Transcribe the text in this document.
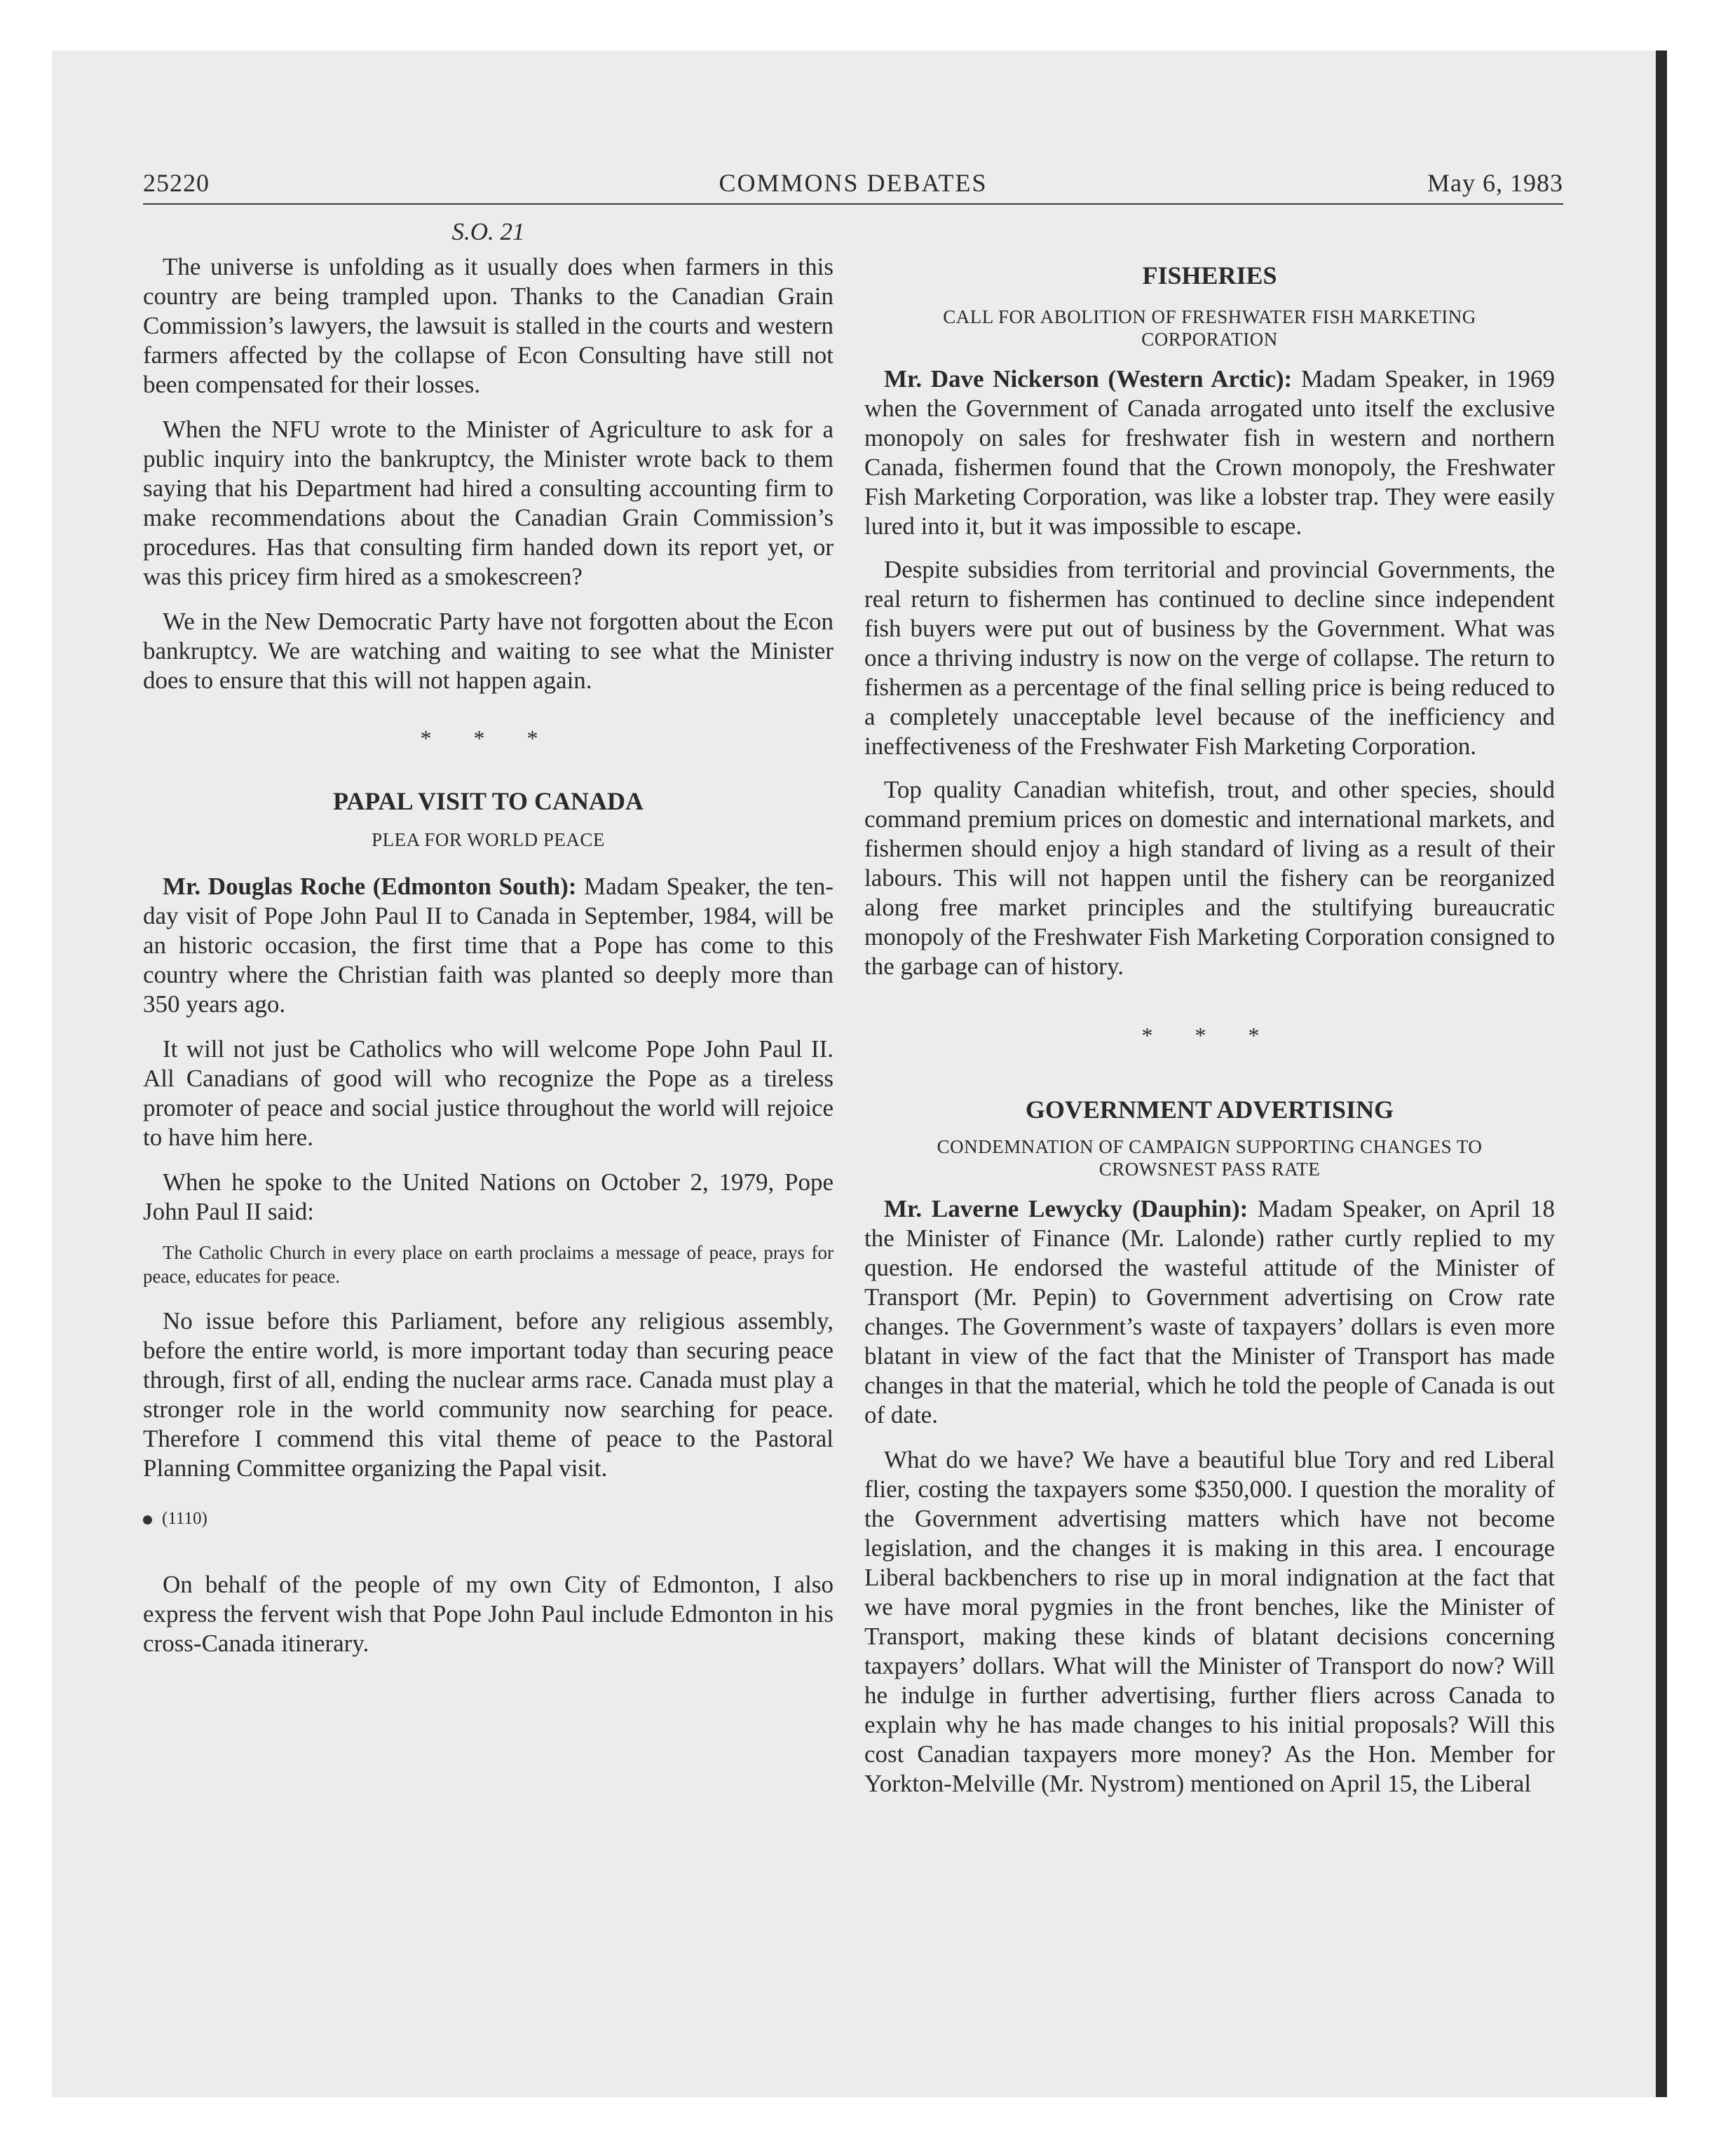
25220	COMMONS DEBATES	May 6, 1983
S.O. 21

The universe is unfolding as it usually does when farmers in this country are being trampled upon. Thanks to the Canadian Grain Commission’s lawyers, the lawsuit is stalled in the courts and western farmers affected by the collapse of Econ Consulting have still not been compensated for their losses.

When the NFU wrote to the Minister of Agriculture to ask for a public inquiry into the bankruptcy, the Minister wrote back to them saying that his Department had hired a consulting accounting firm to make recommendations about the Canadian Grain Commission’s procedures. Has that consulting firm handed down its report yet, or was this pricey firm hired as a smokescreen?

We in the New Democratic Party have not forgotten about the Econ bankruptcy. We are watching and waiting to see what the Minister does to ensure that this will not happen again.

* * *
PAPAL VISIT TO CANADA
PLEA FOR WORLD PEACE

Mr. Douglas Roche (Edmonton South): Madam Speaker, the ten-day visit of Pope John Paul II to Canada in September, 1984, will be an historic occasion, the first time that a Pope has come to this country where the Christian faith was planted so deeply more than 350 years ago.

It will not just be Catholics who will welcome Pope John Paul II. All Canadians of good will who recognize the Pope as a tireless promoter of peace and social justice throughout the world will rejoice to have him here.

When he spoke to the United Nations on October 2, 1979, Pope John Paul II said:

The Catholic Church in every place on earth proclaims a message of peace, prays for peace, educates for peace.

No issue before this Parliament, before any religious assembly, before the entire world, is more important today than securing peace through, first of all, ending the nuclear arms race. Canada must play a stronger role in the world community now searching for peace. Therefore I commend this vital theme of peace to the Pastoral Planning Committee organizing the Papal visit.

(1110)

On behalf of the people of my own City of Edmonton, I also express the fervent wish that Pope John Paul include Edmonton in his cross-Canada itinerary.

FISHERIES
CALL FOR ABOLITION OF FRESHWATER FISH MARKETING CORPORATION

Mr. Dave Nickerson (Western Arctic): Madam Speaker, in 1969 when the Government of Canada arrogated unto itself the exclusive monopoly on sales for freshwater fish in western and northern Canada, fishermen found that the Crown monopoly, the Freshwater Fish Marketing Corporation, was like a lobster trap. They were easily lured into it, but it was impossible to escape.

Despite subsidies from territorial and provincial Governments, the real return to fishermen has continued to decline since independent fish buyers were put out of business by the Government. What was once a thriving industry is now on the verge of collapse. The return to fishermen as a percentage of the final selling price is being reduced to a completely unacceptable level because of the inefficiency and ineffectiveness of the Freshwater Fish Marketing Corporation.

Top quality Canadian whitefish, trout, and other species, should command premium prices on domestic and international markets, and fishermen should enjoy a high standard of living as a result of their labours. This will not happen until the fishery can be reorganized along free market principles and the stultifying bureaucratic monopoly of the Freshwater Fish Marketing Corporation consigned to the garbage can of history.

* * *
GOVERNMENT ADVERTISING
CONDEMNATION OF CAMPAIGN SUPPORTING CHANGES TO CROWSNEST PASS RATE

Mr. Laverne Lewycky (Dauphin): Madam Speaker, on April 18 the Minister of Finance (Mr. Lalonde) rather curtly replied to my question. He endorsed the wasteful attitude of the Minister of Transport (Mr. Pepin) to Government advertising on Crow rate changes. The Government’s waste of taxpayers’ dollars is even more blatant in view of the fact that the Minister of Transport has made changes in that the material, which he told the people of Canada is out of date.

What do we have? We have a beautiful blue Tory and red Liberal flier, costing the taxpayers some $350,000. I question the morality of the Government advertising matters which have not become legislation, and the changes it is making in this area. I encourage Liberal backbenchers to rise up in moral indignation at the fact that we have moral pygmies in the front benches, like the Minister of Transport, making these kinds of blatant decisions concerning taxpayers’ dollars. What will the Minister of Transport do now? Will he indulge in further advertising, further fliers across Canada to explain why he has made changes to his initial proposals? Will this cost Canadian taxpayers more money? As the Hon. Member for Yorkton-Melville (Mr. Nystrom) mentioned on April 15, the Liberal
